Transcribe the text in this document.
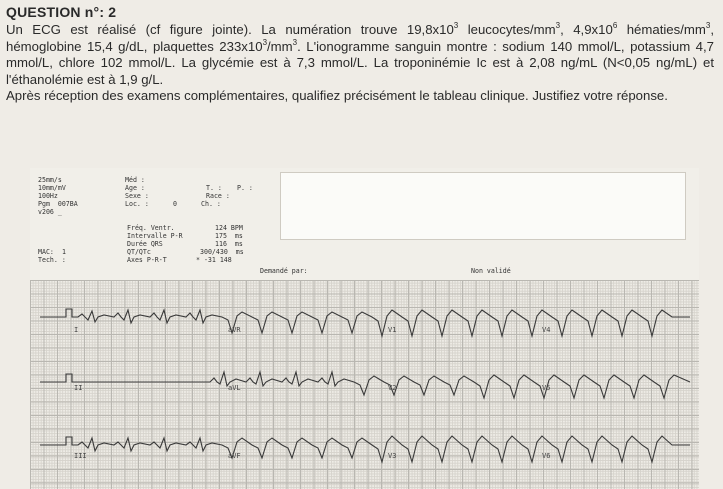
QUESTION n°: 2

Un ECG est réalisé (cf figure jointe). La numération trouve $19,8x10^3$ leucocytes/$mm^3$, $4,9x10^6$ hématies/$mm^3$, hémoglobine 15,4 g/dL, plaquettes $233x10^3/mm^3$. L'ionogramme sanguin montre : sodium 140 mmol/L, potassium 4,7 mmol/L, chlore 102 mmol/L. La glycémie est à 7,3 mmol/L. La troponinémie Ic est à 2,08 ng/mL (N<0,05 ng/mL) et l'éthanolémie est à 1,9 g/L.

Après réception des examens complémentaires, qualifiez précisément le tableau clinique. Justifiez votre réponse.

25mm/s
10mm/mV
100Hz
Pgm  007BA
v206 _
Méd :
Age :
Sexe :
Loc. :	0
T. : P. :
Race :
Ch. :
Fréq. Ventr.	124 BPM
Intervalle P-R	175  ms
Durée QRS	116  ms
QT/QTc	300/430  ms
Axes P-R-T	* -31 148
MAC: 1
Tech. :
Demandé par:	Non validé
I	aVR	V1	V4
II	aVL	V2	V5
III	aVF	V3	V6
